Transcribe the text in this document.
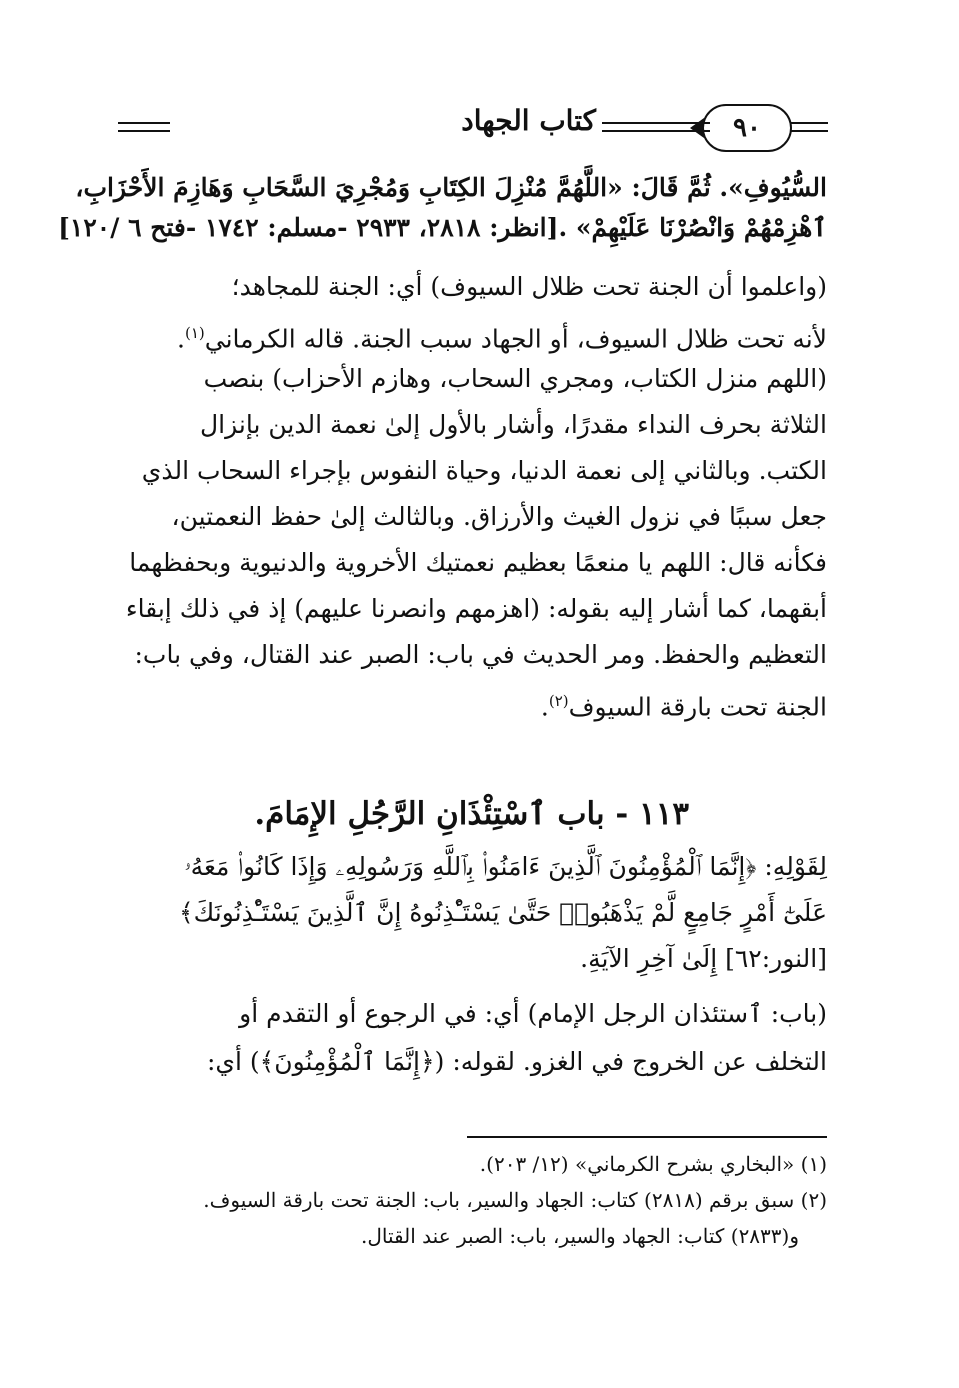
٩٠
كتاب الجهاد
السُّيُوفِ». ثُمَّ قَالَ: «اللَّهُمَّ مُنْزِلَ الكِتَابِ وَمُجْرِيَ السَّحَابِ وَهَازِمَ الأَحْزَابِ،
ٱهْزِمْهُمْ وَانْصُرْنَا عَلَيْهِمْ» .[انظر: ٢٨١٨، ٢٩٣٣ -مسلم: ١٧٤٢ -فتح ٦ /١٢٠]
(واعلموا أن الجنة تحت ظلال السيوف) أي: الجنة للمجاهد؛
لأنه تحت ظلال السيوف، أو الجهاد سبب الجنة. قاله الكرماني$^{(١)}$.
(اللهم منزل الكتاب، ومجري السحاب، وهازم الأحزاب) بنصب
الثلاثة بحرف النداء مقدرًا، وأشار بالأول إلىٰ نعمة الدين بإنزال
الكتب. وبالثاني إلى نعمة الدنيا، وحياة النفوس بإجراء السحاب الذي
جعل سببًا في نزول الغيث والأرزاق. وبالثالث إلىٰ حفظ النعمتين،
فكأنه قال: اللهم يا منعمًا بعظيم نعمتيك الأخروية والدنيوية وبحفظهما
أبقهما، كما أشار إليه بقوله: (اهزمهم وانصرنا عليهم) إذ في ذلك إبقاء
التعظيم والحفظ. ومر الحديث في باب: الصبر عند القتال، وفي باب:
الجنة تحت بارقة السيوف$^{(٢)}$.
١١٣ - باب ٱسْتِئْذَانِ الرَّجُلِ الإِمَامَ.
لِقَوْلِهِ: ﴿إِنَّمَا ٱلْمُؤْمِنُونَ ٱلَّذِينَ ءَامَنُوا۟ بِٱللَّهِ وَرَسُولِهِۦ وَإِذَا كَانُوا۟ مَعَهُۥ
عَلَىٰٓ أَمْرٍ جَامِعٍ لَّمْ يَذْهَبُوا۟ حَتَّىٰ يَسْتَـْٔذِنُوهُ إِنَّ ٱلَّذِينَ يَسْتَـْٔذِنُونَكَ﴾
[النور:٦٢] إِلَىٰ آخِرِ الآيَةِ.
(باب: ٱستئذان الرجل الإمام) أي: في الرجوع أو التقدم أو
التخلف عن الخروج في الغزو. لقوله: (﴿إِنَّمَا ٱلْمُؤْمِنُونَ﴾) أي:
(١) «البخاري بشرح الكرماني» (١٢/ ٢٠٣).
(٢) سبق برقم (٢٨١٨) كتاب: الجهاد والسير، باب: الجنة تحت بارقة السيوف.
و(٢٨٣٣) كتاب: الجهاد والسير، باب: الصبر عند القتال.
